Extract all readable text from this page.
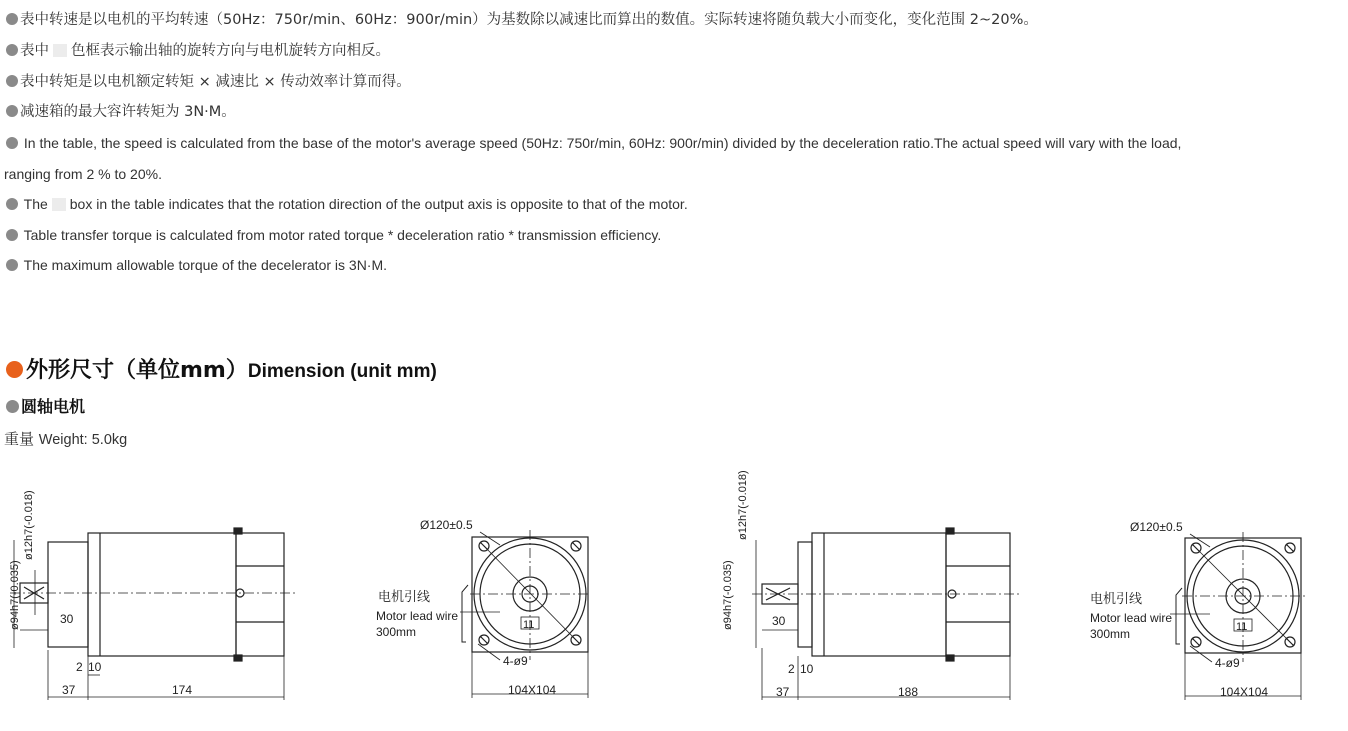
表中转速是以电机的平均转速（50Hz：750r/min、60Hz：900r/min）为基数除以减速比而算出的数值。实际转速将随负载大小而变化，变化范围 2~20%。
表中 色框表示输出轴的旋转方向与电机旋转方向相反。
表中转矩是以电机额定转矩 × 减速比 × 传动效率计算而得。
减速箱的最大容许转矩为 3N·M。
In the table, the speed is calculated from the base of the motor's average speed (50Hz: 750r/min, 60Hz: 900r/min) divided by the deceleration ratio.The actual speed will vary with the load,
ranging from 2 % to 20%.
The box in the table indicates that the rotation direction of the output axis is opposite to that of the motor.
Table transfer torque is calculated from motor rated torque * deceleration ratio * transmission efficiency.
The maximum allowable torque of the decelerator is 3N·M.
外形尺寸（单位mm）Dimension (unit mm)
圆轴电机
重量 Weight: 5.0kg
ø12h7(-0.018)
ø94h7(-0.035)	30
2 10
37	174
Ø120±0.5
电机引线
Motor lead wire
300mm	11
4-ø9
104X104
ø12h7(-0.018)
ø94h7(-0.035)	30
2 10
37	188
Ø120±0.5
电机引线
Motor lead wire
300mm	11
4-ø9
104X104
